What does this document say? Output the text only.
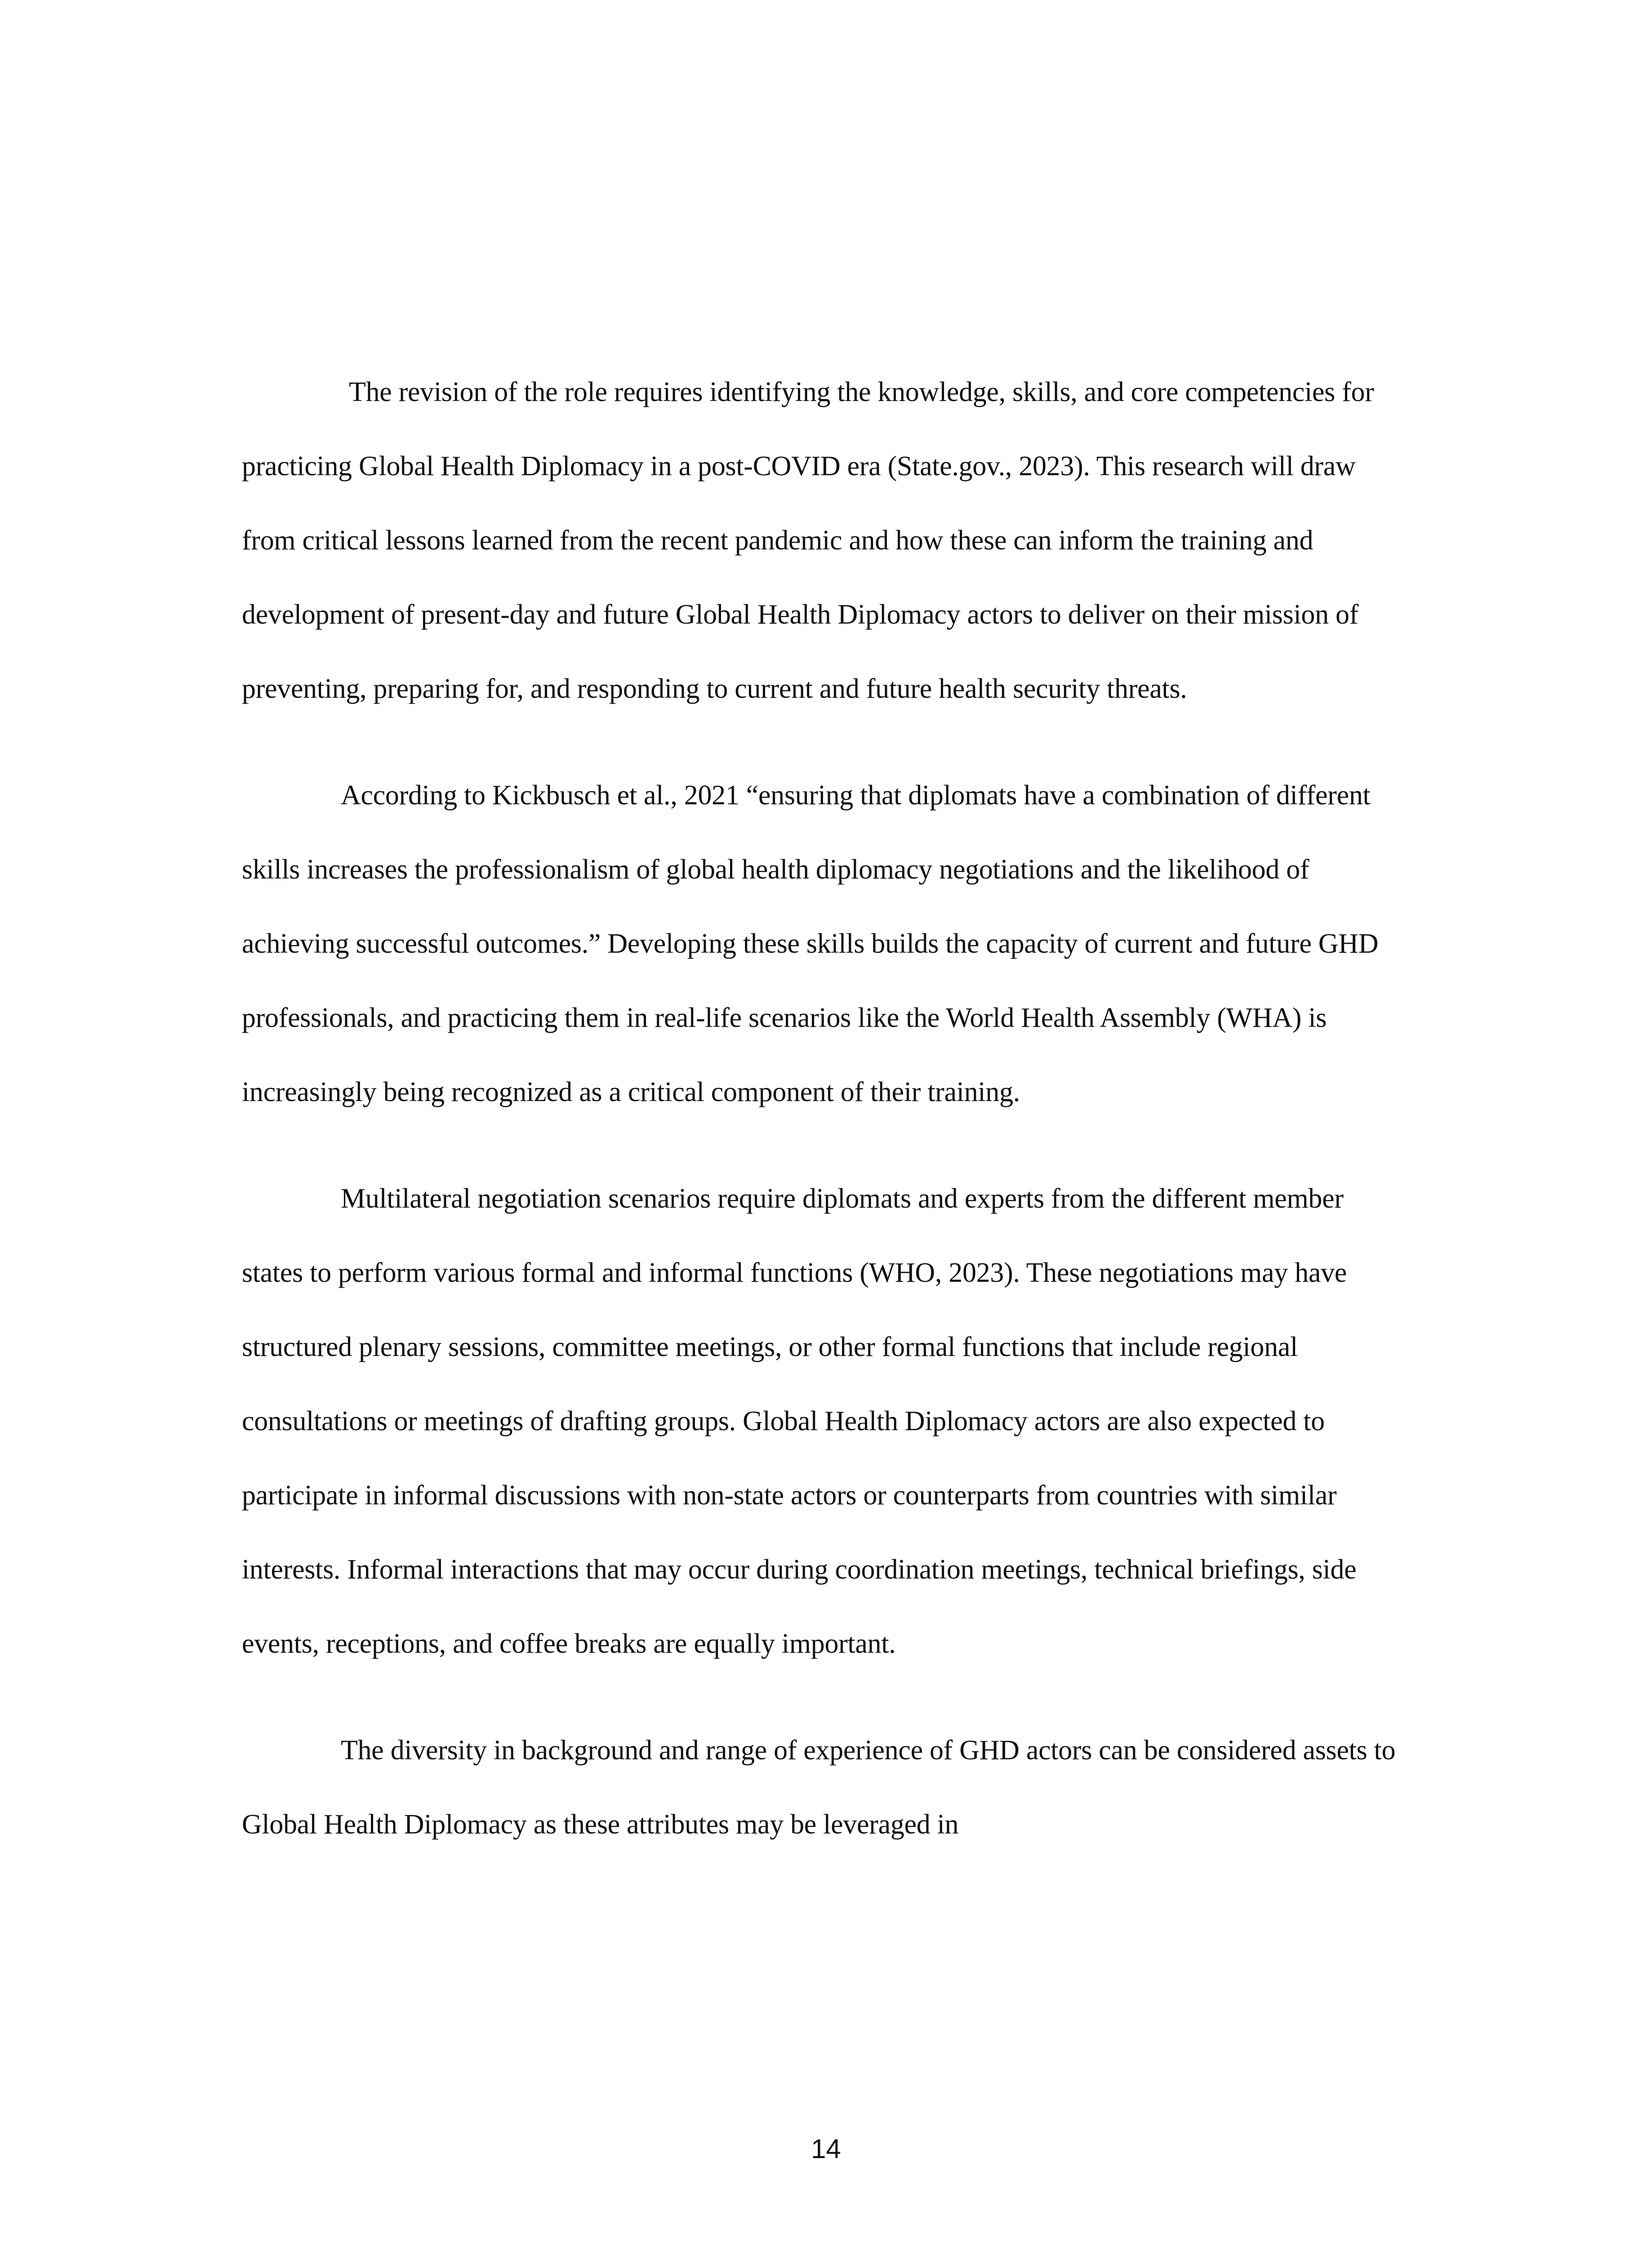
The revision of the role requires identifying the knowledge, skills, and core competencies for practicing Global Health Diplomacy in a post-COVID era (State.gov., 2023). This research will draw from critical lessons learned from the recent pandemic and how these can inform the training and development of present-day and future Global Health Diplomacy actors to deliver on their mission of preventing, preparing for, and responding to current and future health security threats.

According to Kickbusch et al., 2021 “ensuring that diplomats have a combination of different skills increases the professionalism of global health diplomacy negotiations and the likelihood of achieving successful outcomes.” Developing these skills builds the capacity of current and future GHD professionals, and practicing them in real-life scenarios like the World Health Assembly (WHA) is increasingly being recognized as a critical component of their training.

Multilateral negotiation scenarios require diplomats and experts from the different member states to perform various formal and informal functions (WHO, 2023). These negotiations may have structured plenary sessions, committee meetings, or other formal functions that include regional consultations or meetings of drafting groups. Global Health Diplomacy actors are also expected to participate in informal discussions with non-state actors or counterparts from countries with similar interests. Informal interactions that may occur during coordination meetings, technical briefings, side events, receptions, and coffee breaks are equally important.

The diversity in background and range of experience of GHD actors can be considered assets to Global Health Diplomacy as these attributes may be leveraged in

14
